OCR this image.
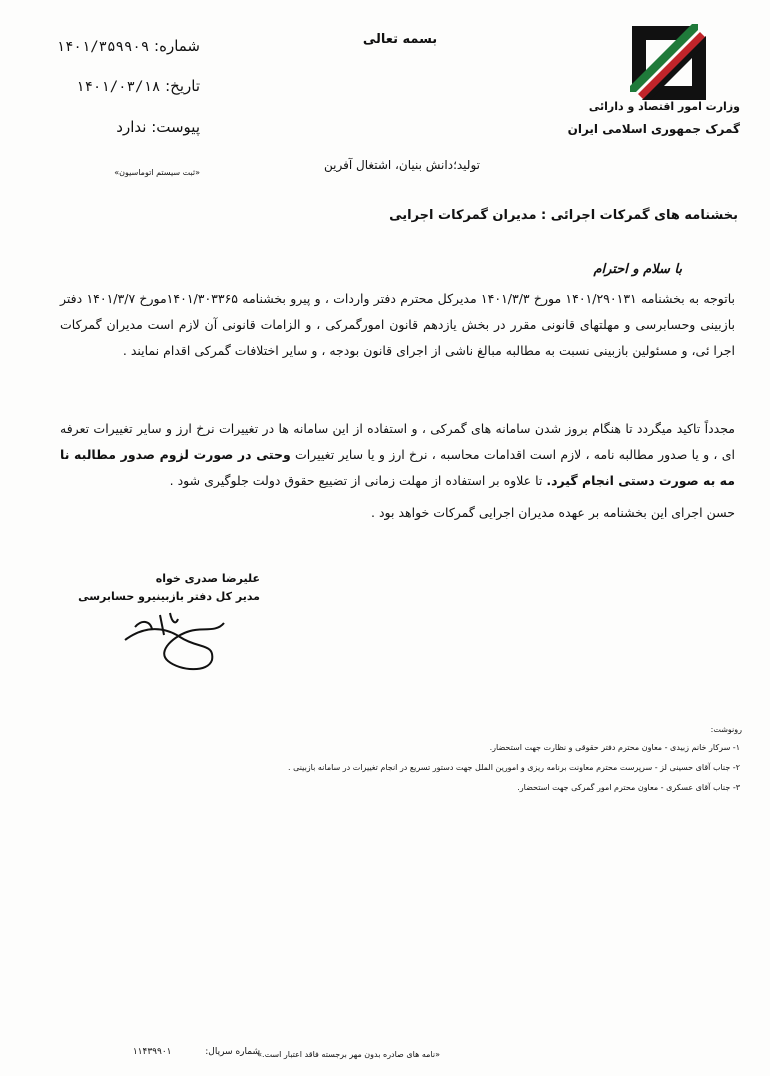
بسمه تعالی
وزارت امور اقتصاد و دارائی
گمرک جمهوری اسلامی ایران
شماره: ۱۴۰۱/۳۵۹۹۰۹
تاریخ: ۱۴۰۱/۰۳/۱۸
پیوست: ندارد
«ثبت سیستم اتوماسیون»
تولید؛دانش بنیان، اشتغال آفرین
بخشنامه های گمرکات اجرائی : مدیران گمرکات اجرایی
با سلام و احترام
باتوجه به بخشنامه ۱۴۰۱/۲۹۰۱۳۱ مورخ ۱۴۰۱/۳/۳ مدیرکل محترم دفتر واردات ، و پیرو بخشنامه ۱۴۰۱/۳۰۳۳۶۵مورخ ۱۴۰۱/۳/۷ دفتر بازبینی وحسابرسی و مهلتهای قانونی مقرر در بخش یازدهم قانون امورگمرکی ، و الزامات قانونی آن لازم است مدیران گمرکات اجرا ئی، و مسئولین بازبینی نسبت به مطالبه مبالغ ناشی از اجرای قانون بودجه ، و سایر اختلافات گمرکی اقدام نمایند .
مجدداً تاکید میگردد تا هنگام بروز شدن سامانه های گمرکی ، و استفاده از این سامانه ها در تغییرات نرخ ارز و سایر تغییرات تعرفه ای ، و یا صدور مطالبه نامه ، لازم است اقدامات محاسبه ، نرخ ارز و یا سایر تغییرات وحتی در صورت لزوم صدور مطالبه نا مه به صورت دستی انجام گیرد. تا علاوه بر استفاده از مهلت زمانی از تضییع حقوق دولت جلوگیری شود .
حسن اجرای این بخشنامه بر عهده مدیران اجرایی گمرکات خواهد بود .
علیرضا صدری خواه
مدیر کل دفتر بازبینیرو حسابرسی
رونوشت:
۱- سرکار خانم زبیدی - معاون محترم دفتر حقوقی و نظارت جهت استحضار.
۲- جناب آقای حسینی لز - سرپرست محترم معاونت برنامه ریزی و امورین الملل جهت دستور تسریع در انجام تغییرات در سامانه بازبینی .
۳- جناب آقای عسکری - معاون محترم امور گمرکی جهت استحضار.
«نامه های صادره بدون مهر برجسته فاقد اعتبار است.»
شماره سریال:  ۱۱۴۳۹۹۰۱
